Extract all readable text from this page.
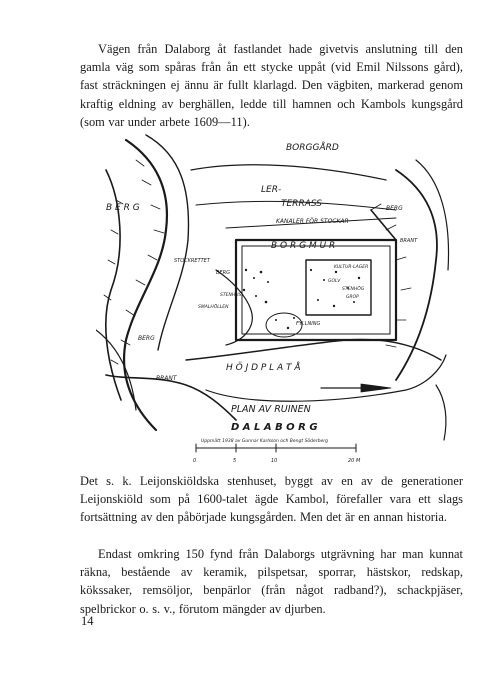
Vägen från Dalaborg åt fastlandet hade givetvis anslutning till den gamla väg som spåras från ån ett stycke uppåt (vid Emil Nilssons gård), fast sträckningen ej ännu är fullt klarlagd. Den vägbiten, markerad genom kraftig eldning av berghällen, ledde till hamnen och Kambols kungsgård (som var under arbete 1609—11).

BORGGÅRD
LER-
TERRASS
B E R G	BERG
KANALER FÖR STOCKAR
B O R G M U R
STOCKRETTET
BERG
BRANT
KULTUR-LAGER
GOLV
STENHÖG
GROP
SMALHÖLLEN
STENHUS
FYLLNING
BERG
BRANT
H Ö J D P L A T Å
PLAN AV RUINEN
D A L A B O R G
Uppmätt 1938 av Gunnar Karlsson och Bengt Söderberg
0	5	10	20 M

Det s. k. Leijonskiöldska stenhuset, byggt av en av de generationer Leijonskiöld som på 1600-talet ägde Kambol, förefaller vara ett slags fortsättning av den påbörjade kungsgården. Men det är en annan historia.

Endast omkring 150 fynd från Dalaborgs utgrävning har man kunnat räkna, bestående av keramik, pilspetsar, sporrar, hästskor, redskap, kökssaker, remsöljor, benpärlor (från något radband?), schackpjäser, spelbrickor o. s. v., förutom mängder av djurben.

14
